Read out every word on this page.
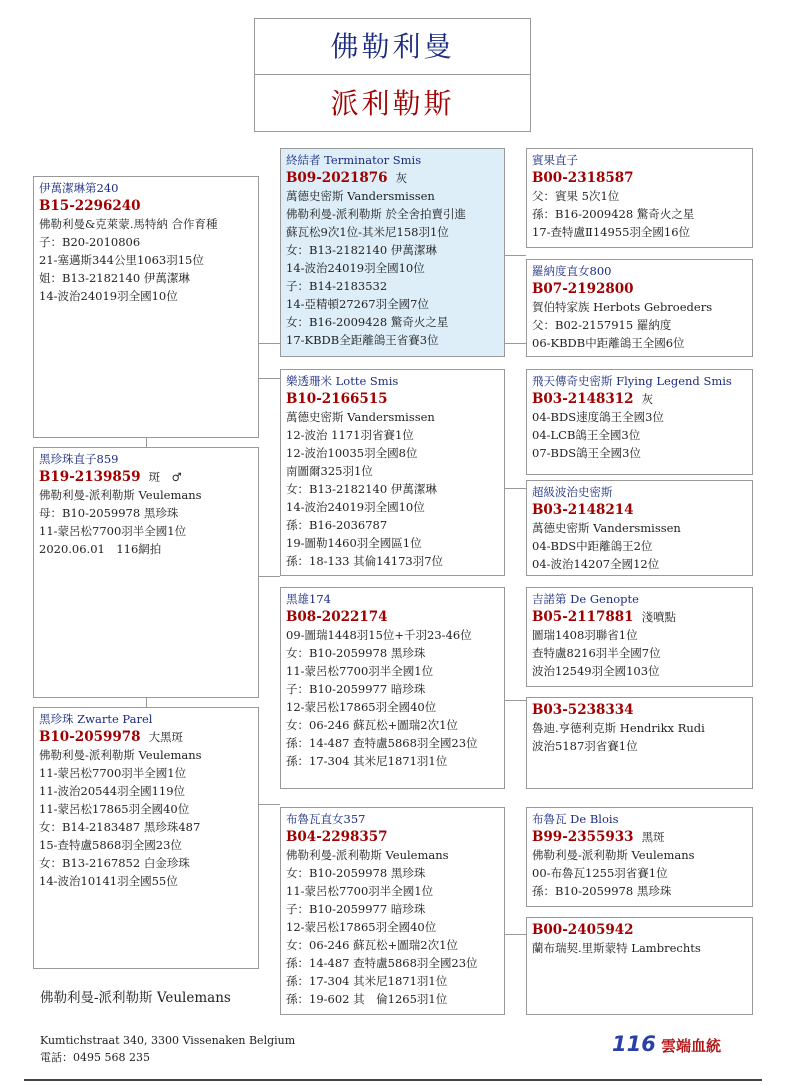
佛勒利曼
派利勒斯
伊萬潔琳第240
B15-2296240
佛勒利曼&克萊蒙.馬特納 合作育種
子：B20-2010806
21-塞邁斯344公里1063羽15位
姐：B13-2182140 伊萬潔琳
14-波治24019羽全國10位
終結者 Terminator Smis
B09-2021876 灰
萬德史密斯 Vandersmissen
佛勒利曼-派利勒斯 於全舍拍賣引進
蘇瓦松9次1位-其米尼158羽1位
女：B13-2182140 伊萬潔琳
14-波治24019羽全國10位
子：B14-2183532
14-亞精頓27267羽全國7位
女：B16-2009428 驚奇火之星
17-KBDB全距離鴿王省賽3位
賓果直子
B00-2318587
父：賓果 5次1位
孫：B16-2009428 驚奇火之星
17-查特盧Ⅱ14955羽全國16位
羅納度直女800
B07-2192800
賀伯特家族 Herbots Gebroeders
父：B02-2157915 羅納度
06-KBDB中距離鴿王全國6位
樂透珊米 Lotte Smis
B10-2166515
萬德史密斯 Vandersmissen
12-波治 1171羽省賽1位
12-波治10035羽全國8位
南圖爾325羽1位
女：B13-2182140 伊萬潔琳
14-波治24019羽全國10位
孫：B16-2036787
19-圖勒1460羽全國區1位
孫：18-133 其倫14173羽7位
飛天傳奇史密斯 Flying Legend Smis
B03-2148312 灰
04-BDS速度鴿王全國3位
04-LCB鴿王全國3位
07-BDS鴿王全國3位
超級波治史密斯
B03-2148214
萬德史密斯 Vandersmissen
04-BDS中距離鴿王2位
04-波治14207全國12位
黑珍珠直子859
B19-2139859 斑　♂
佛勒利曼-派利勒斯 Veulemans
母：B10-2059978 黑珍珠
11-蒙呂松7700羽半全國1位
2020.06.01　116網拍
黑雄174
B08-2022174
09-圖瑞1448羽15位+千羽23-46位
女：B10-2059978 黑珍珠
11-蒙呂松7700羽半全國1位
子：B10-2059977 暗珍珠
12-蒙呂松17865羽全國40位
女：06-246 蘇瓦松+圖瑞2次1位
孫：14-487 查特盧5868羽全國23位
孫：17-304 其米尼1871羽1位
吉諾第 De Genopte
B05-2117881 淺噴點
圖瑞1408羽聯省1位
查特盧8216羽半全國7位
波治12549羽全國103位
B03-5238334
魯迪.亨德利克斯 Hendrikx Rudi
波治5187羽省賽1位
黑珍珠 Zwarte Parel
B10-2059978 大黑斑
佛勒利曼-派利勒斯 Veulemans
11-蒙呂松7700羽半全國1位
11-波治20544羽全國119位
11-蒙呂松17865羽全國40位
女：B14-2183487 黑珍珠487
15-查特盧5868羽全國23位
女：B13-2167852 白金珍珠
14-波治10141羽全國55位
布魯瓦直女357
B04-2298357
佛勒利曼-派利勒斯 Veulemans
女：B10-2059978 黑珍珠
11-蒙呂松7700羽半全國1位
子：B10-2059977 暗珍珠
12-蒙呂松17865羽全國40位
女：06-246 蘇瓦松+圖瑞2次1位
孫：14-487 查特盧5868羽全國23位
孫：17-304 其米尼1871羽1位
孫：19-602 其　倫1265羽1位
布魯瓦 De Blois
B99-2355933 黑斑
佛勒利曼-派利勒斯 Veulemans
00-布魯瓦1255羽省賽1位
孫：B10-2059978 黑珍珠
B00-2405942
蘭布瑞契.里斯蒙特 Lambrechts
佛勒利曼-派利勒斯 Veulemans
Kumtichstraat 340, 3300 Vissenaken Belgium
電話：0495 568 235
116 雲端血統
